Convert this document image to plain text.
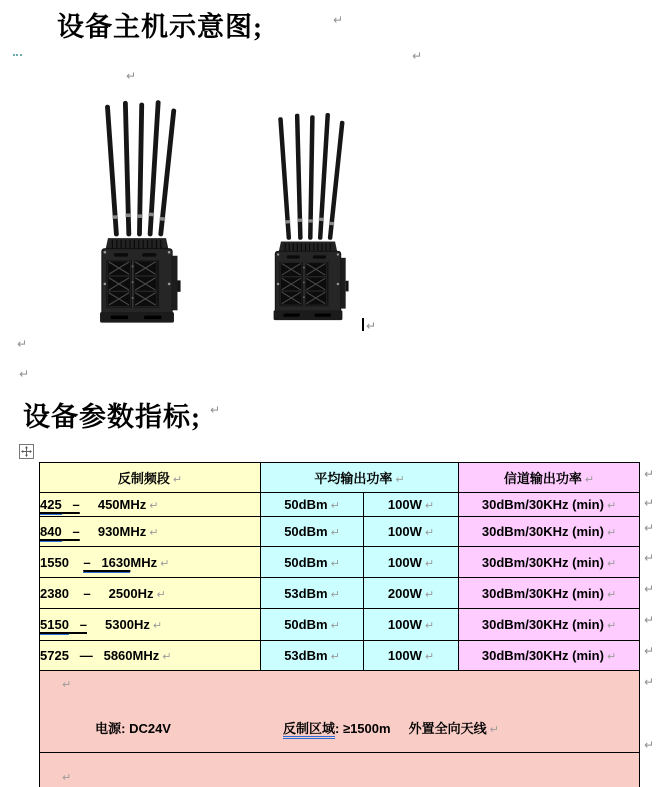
设备主机示意图;
设备参数指标;
↵
↵
↵
↵
↵
↵
↵
反制频段 ↵	平均输出功率 ↵		信道输出功率 ↵
425   –     450MHz ↵	50dBm ↵	100W ↵	30dBm/30KHz (min) ↵
840   –     930MHz ↵	50dBm ↵	100W ↵	30dBm/30KHz (min) ↵
1550    –   1630MHz ↵	50dBm ↵	100W ↵	30dBm/30KHz (min) ↵
2380    –     2500Hz ↵	53dBm ↵	200W ↵	30dBm/30KHz (min) ↵
5150   –     5300Hz ↵	50dBm ↵	100W ↵	30dBm/30KHz (min) ↵
5725   —   5860MHz ↵	53dBm ↵	100W ↵	30dBm/30KHz (min) ↵

↵

电源: DC24V 反制区域: ≥1500m 外置全向天线 ↵			

↵			
↵
↵
↵
↵
↵
↵
↵
↵
↵
